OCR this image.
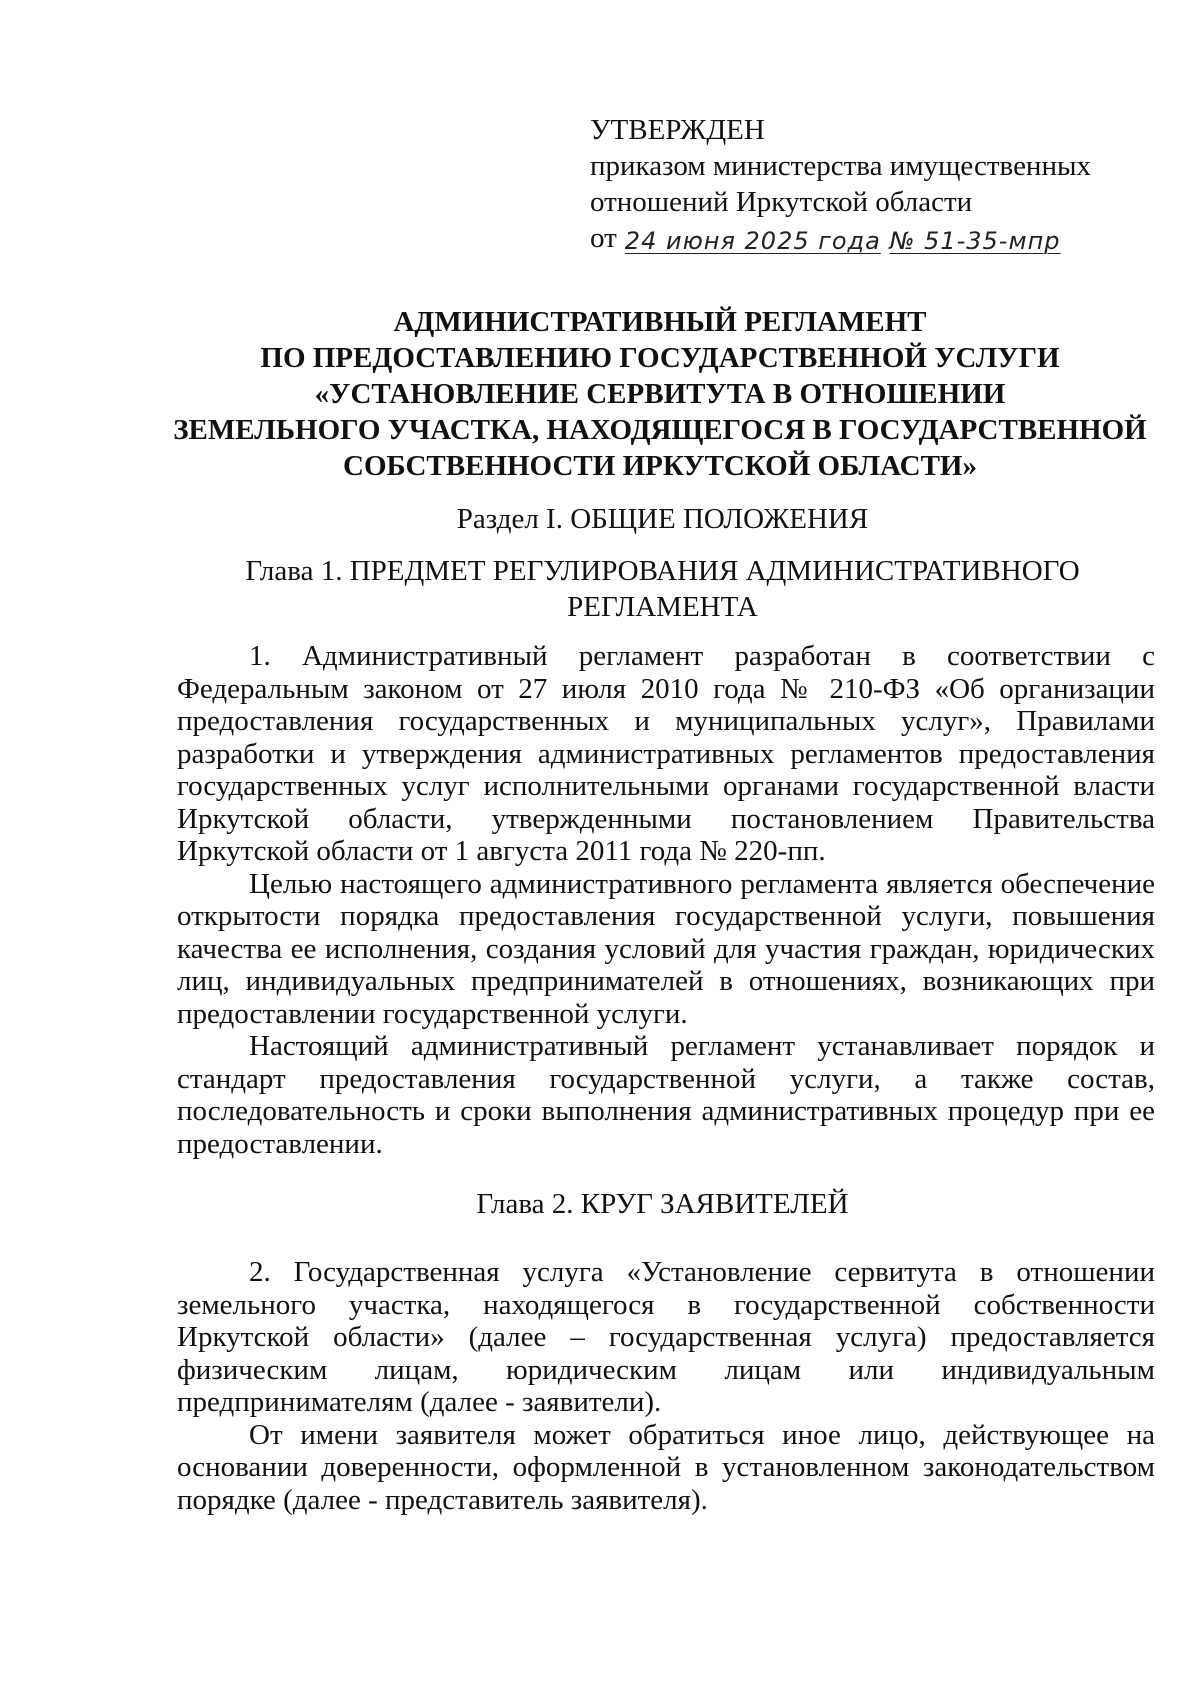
УТВЕРЖДЕН
приказом министерства имущественных
отношений Иркутской области
от 24 июня 2025 года № 51-35-мпр
АДМИНИСТРАТИВНЫЙ РЕГЛАМЕНТ
ПО ПРЕДОСТАВЛЕНИЮ ГОСУДАРСТВЕННОЙ УСЛУГИ
«УСТАНОВЛЕНИЕ СЕРВИТУТА В ОТНОШЕНИИ
ЗЕМЕЛЬНОГО УЧАСТКА, НАХОДЯЩЕГОСЯ В ГОСУДАРСТВЕННОЙ
СОБСТВЕННОСТИ ИРКУТСКОЙ ОБЛАСТИ»
Раздел I. ОБЩИЕ ПОЛОЖЕНИЯ
Глава 1. ПРЕДМЕТ РЕГУЛИРОВАНИЯ АДМИНИСТРАТИВНОГО
РЕГЛАМЕНТА

1. Административный регламент разработан в соответствии с Федеральным законом от 27 июля 2010 года № 210-ФЗ «Об организации предоставления государственных и муниципальных услуг», Правилами разработки и утверждения административных регламентов предоставления государственных услуг исполнительными органами государственной власти Иркутской области, утвержденными постановлением Правительства Иркутской области от 1 августа 2011 года № 220-пп.

Целью настоящего административного регламента является обеспечение открытости порядка предоставления государственной услуги, повышения качества ее исполнения, создания условий для участия граждан, юридических лиц, индивидуальных предпринимателей в отношениях, возникающих при предоставлении государственной услуги.

Настоящий административный регламент устанавливает порядок и стандарт предоставления государственной услуги, а также состав, последовательность и сроки выполнения административных процедур при ее предоставлении.

Глава 2. КРУГ ЗАЯВИТЕЛЕЙ

2. Государственная услуга «Установление сервитута в отношении земельного участка, находящегося в государственной собственности Иркутской области» (далее – государственная услуга) предоставляется физическим лицам, юридическим лицам или индивидуальным предпринимателям (далее - заявители).

От имени заявителя может обратиться иное лицо, действующее на основании доверенности, оформленной в установленном законодательством порядке (далее - представитель заявителя).
